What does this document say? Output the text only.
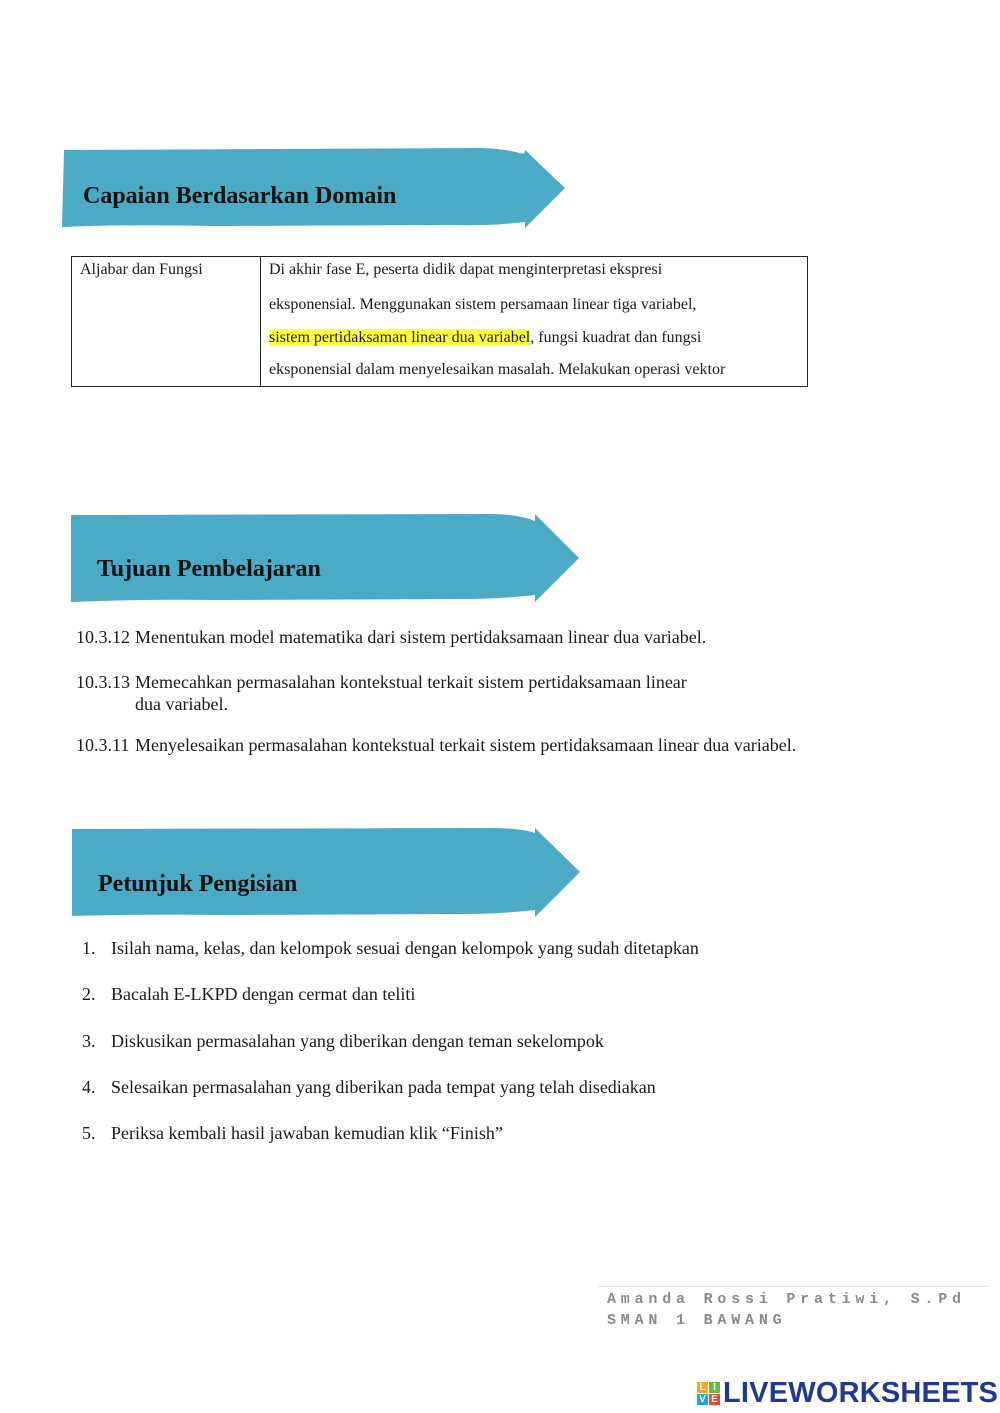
Capaian Berdasarkan Domain
Aljabar dan Fungsi	Di akhir fase E, peserta didik dapat menginterpretasi ekspresi
eksponensial. Menggunakan sistem persamaan linear tiga variabel,
sistem pertidaksaman linear dua variabel, fungsi kuadrat dan fungsi
eksponensial dalam menyelesaikan masalah. Melakukan operasi vektor
Tujuan Pembelajaran
10.3.12 Menentukan model matematika dari sistem pertidaksamaan linear dua variabel.
10.3.13 Memecahkan permasalahan kontekstual terkait sistem pertidaksamaan linear
dua variabel.
10.3.11 Menyelesaikan permasalahan kontekstual terkait sistem pertidaksamaan linear dua variabel.
Petunjuk Pengisian
1. Isilah nama, kelas, dan kelompok sesuai dengan kelompok yang sudah ditetapkan
2. Bacalah E-LKPD dengan cermat dan teliti
3. Diskusikan permasalahan yang diberikan dengan teman sekelompok
4. Selesaikan permasalahan yang diberikan pada tempat yang telah disediakan
5. Periksa kembali hasil jawaban kemudian klik “Finish”
Amanda Rossi Pratiwi, S.Pd
SMAN 1 BAWANG
L I
V E LIVEWORKSHEETS
